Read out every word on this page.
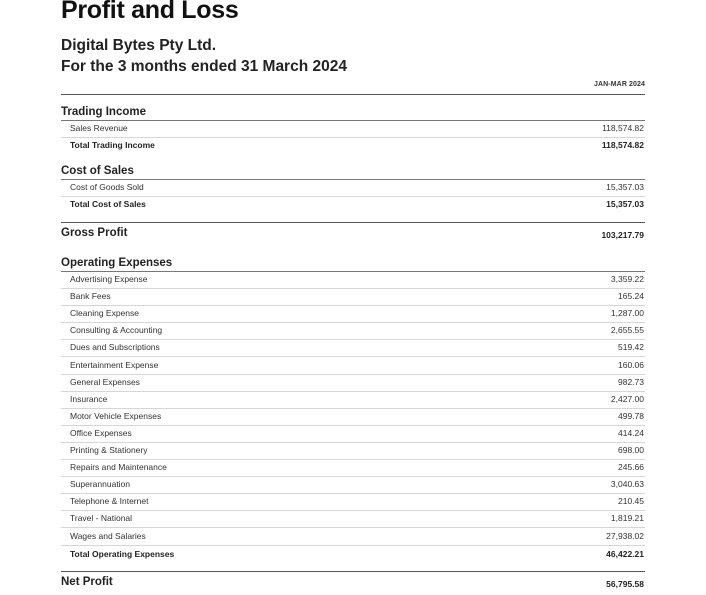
Profit and Loss
Digital Bytes Pty Ltd.
For the 3 months ended 31 March 2024
JAN-MAR 2024
Trading Income
Sales Revenue	118,574.82
Total Trading Income	118,574.82
Cost of Sales
Cost of Goods Sold	15,357.03
Total Cost of Sales	15,357.03
Gross Profit	103,217.79
Operating Expenses
Advertising Expense	3,359.22
Bank Fees	165.24
Cleaning Expense	1,287.00
Consulting & Accounting	2,655.55
Dues and Subscriptions	519.42
Entertainment Expense	160.06
General Expenses	982.73
Insurance	2,427.00
Motor Vehicle Expenses	499.78
Office Expenses	414.24
Printing & Stationery	698.00
Repairs and Maintenance	245.66
Superannuation	3,040.63
Telephone & Internet	210.45
Travel - National	1,819.21
Wages and Salaries	27,938.02
Total Operating Expenses	46,422.21
Net Profit	56,795.58
